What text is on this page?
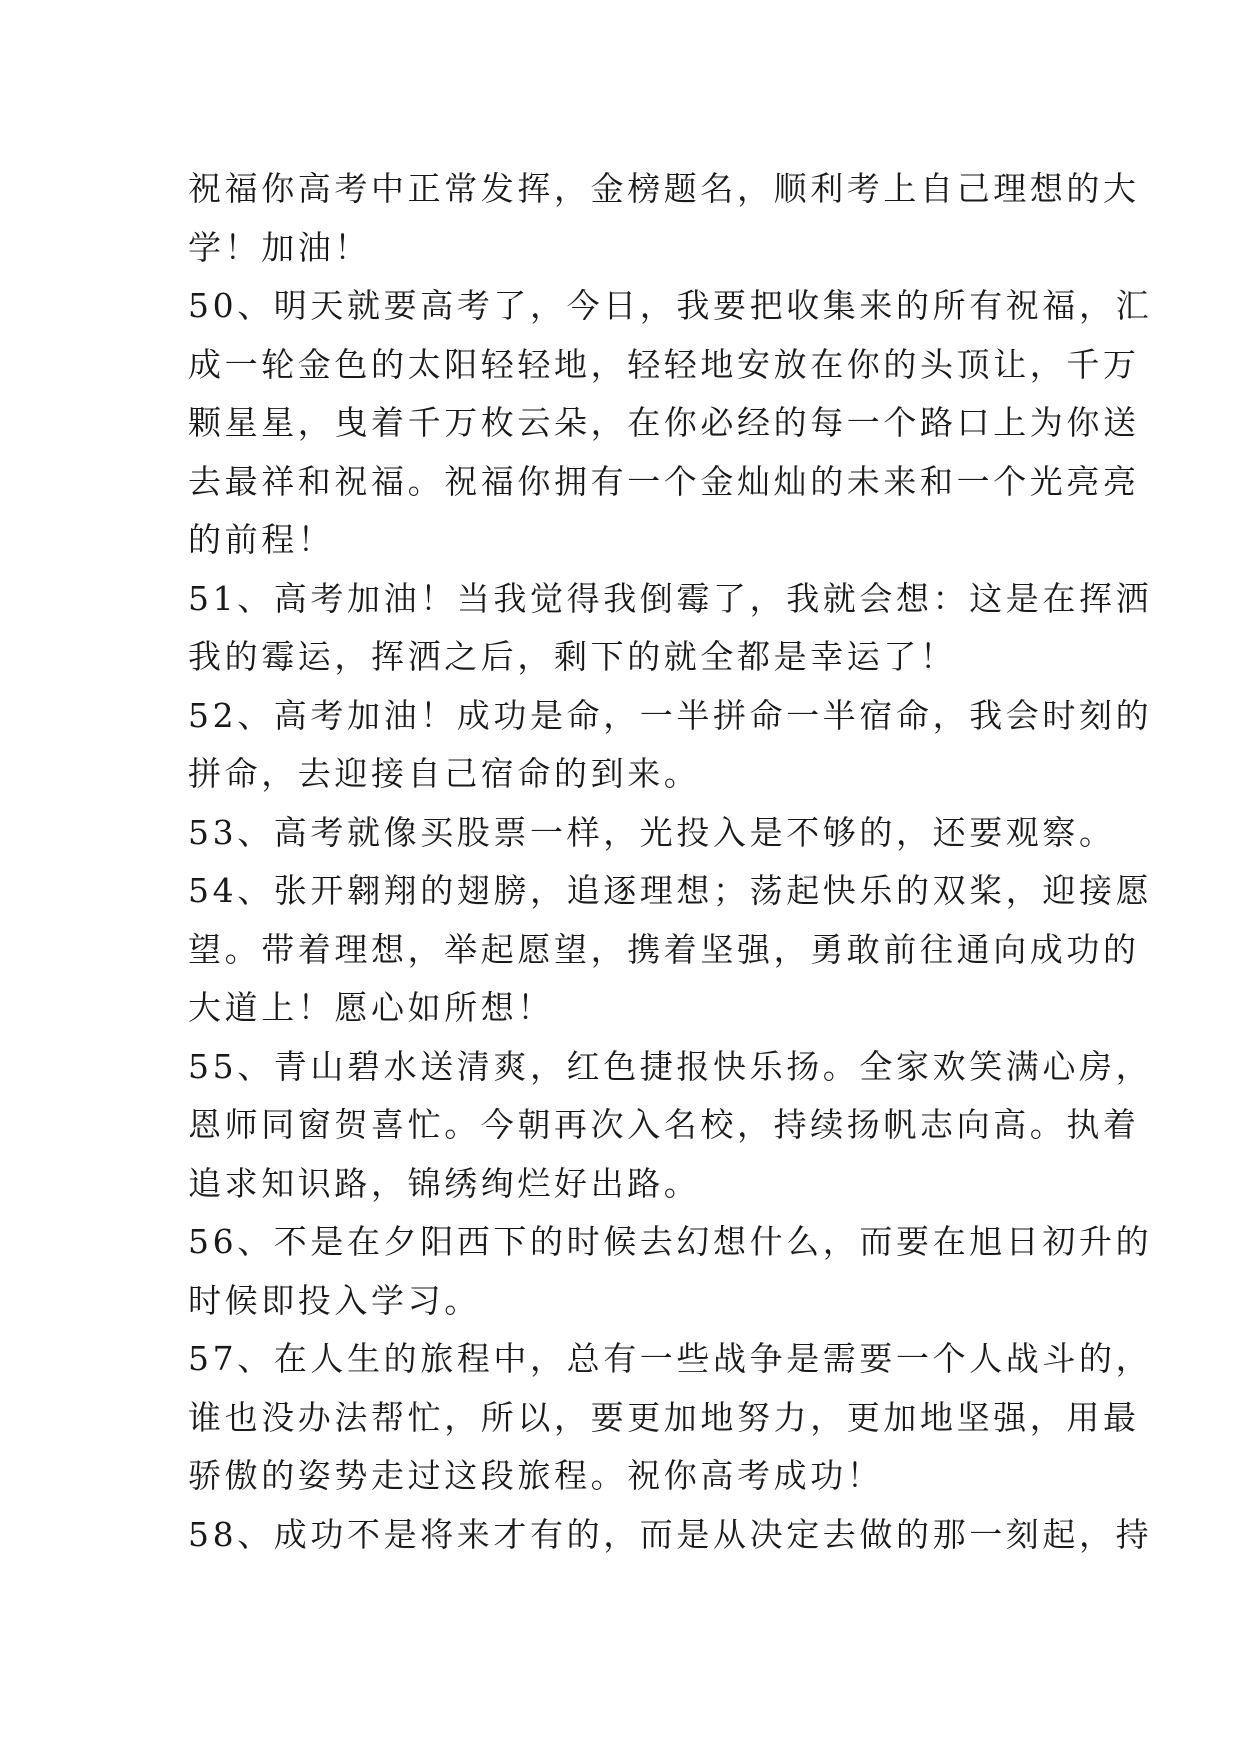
祝福你高考中正常发挥，金榜题名，顺利考上自己理想的大
学！加油！
50、明天就要高考了，今日，我要把收集来的所有祝福，汇
成一轮金色的太阳轻轻地，轻轻地安放在你的头顶让，千万
颗星星，曳着千万枚云朵，在你必经的每一个路口上为你送
去最祥和祝福。祝福你拥有一个金灿灿的未来和一个光亮亮
的前程！
51、高考加油！当我觉得我倒霉了，我就会想：这是在挥洒
我的霉运，挥洒之后，剩下的就全都是幸运了！
52、高考加油！成功是命，一半拼命一半宿命，我会时刻的
拼命，去迎接自己宿命的到来。
53、高考就像买股票一样，光投入是不够的，还要观察。
54、张开翱翔的翅膀，追逐理想；荡起快乐的双桨，迎接愿
望。带着理想，举起愿望，携着坚强，勇敢前往通向成功的
大道上！愿心如所想！
55、青山碧水送清爽，红色捷报快乐扬。全家欢笑满心房，
恩师同窗贺喜忙。今朝再次入名校，持续扬帆志向高。执着
追求知识路，锦绣绚烂好出路。
56、不是在夕阳西下的时候去幻想什么，而要在旭日初升的
时候即投入学习。
57、在人生的旅程中，总有一些战争是需要一个人战斗的，
谁也没办法帮忙，所以，要更加地努力，更加地坚强，用最
骄傲的姿势走过这段旅程。祝你高考成功！
58、成功不是将来才有的，而是从决定去做的那一刻起，持
